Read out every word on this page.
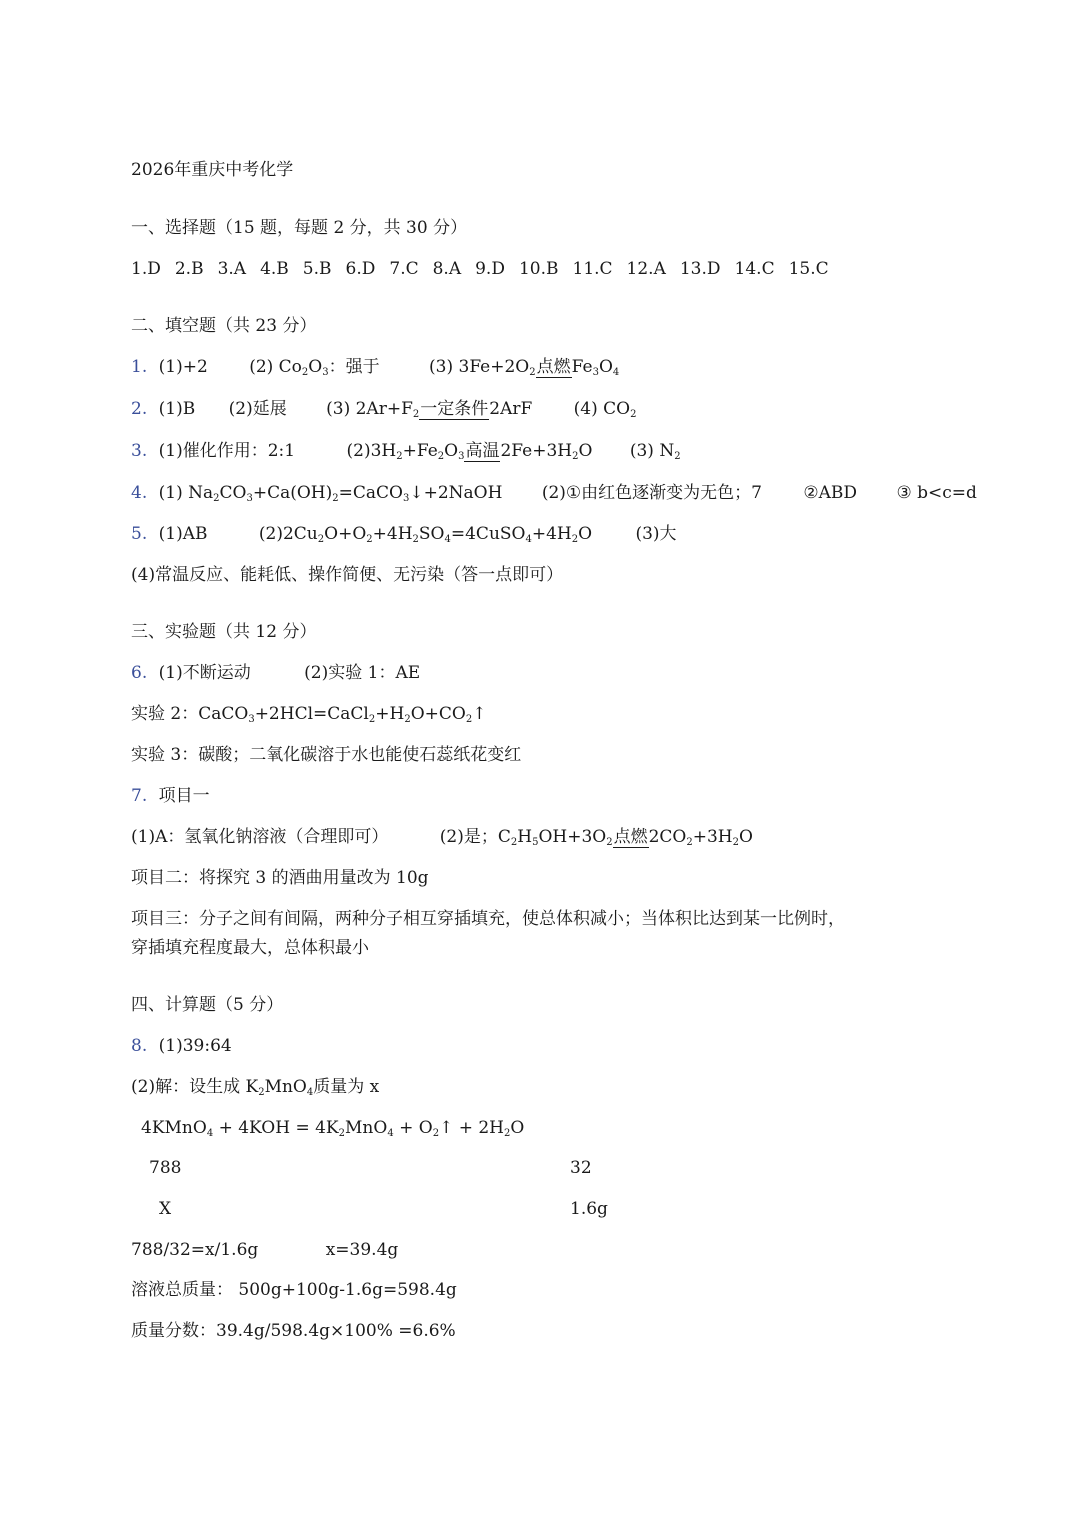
2026年重庆中考化学
一、选择题（15 题，每题 2 分，共 30 分）
1.D 2.B 3.A 4.B 5.B 6.D 7.C 8.A 9.D 10.B 11.C 12.A 13.D 14.C 15.C
二、填空题（共 23 分）
1. (1)+2 (2) $Co_2O_3$：强于	(3) $3Fe+2O_2$点燃$Fe_3O_4$
2. (1)B (2)延展 (3) $2Ar+F_2$一定条件2ArF (4) $CO_2$
3. (1)催化作用：2:1	$(2)3H_2+Fe_2O_3$高温$2Fe+3H_2O$ (3) $N_2$
4. (1) $Na_2CO_3+Ca(OH)_2=CaCO_3↓+2NaOH$ (2)①由红色逐渐变为无色；7 ②ABD ③ b<c=d
5. (1)AB	$(2)2Cu_2O+O_2+4H_2SO_4=4CuSO_4+4H_2O$	(3)大
(4)常温反应、能耗低、操作简便、无污染（答一点即可）
三、实验题（共 12 分）
6. (1)不断运动	(2)实验 1：AE
实验 2：$CaCO_3+2HCl=CaCl_2+H_2O+CO_2↑$
实验 3：碳酸；二氧化碳溶于水也能使石蕊纸花变红
7. 项目一
(1)A：氢氧化钠溶液（合理即可）	(2)是；$C_2H_5OH+3O_2$点燃$2CO_2+3H_2O$
项目二：将探究 3 的酒曲用量改为 10g
项目三：分子之间有间隔，两种分子相互穿插填充，使总体积减小；当体积比达到某一比例时，
穿插填充程度最大，总体积最小
四、计算题（5 分）
8. (1)39:64
(2)解：设生成 $K_2MnO_4$质量为 x
4KMnO$_4$ + $4KOH = 4K_2MnO_4$ + $O_2↑ + 2H_2O$
788	32
X	1.6g
788/32=x/1.6g	x=39.4g
溶液总质量： 500g+100g-1.6g=598.4g
质量分数：39.4g/598.4g×100% =6.6%
